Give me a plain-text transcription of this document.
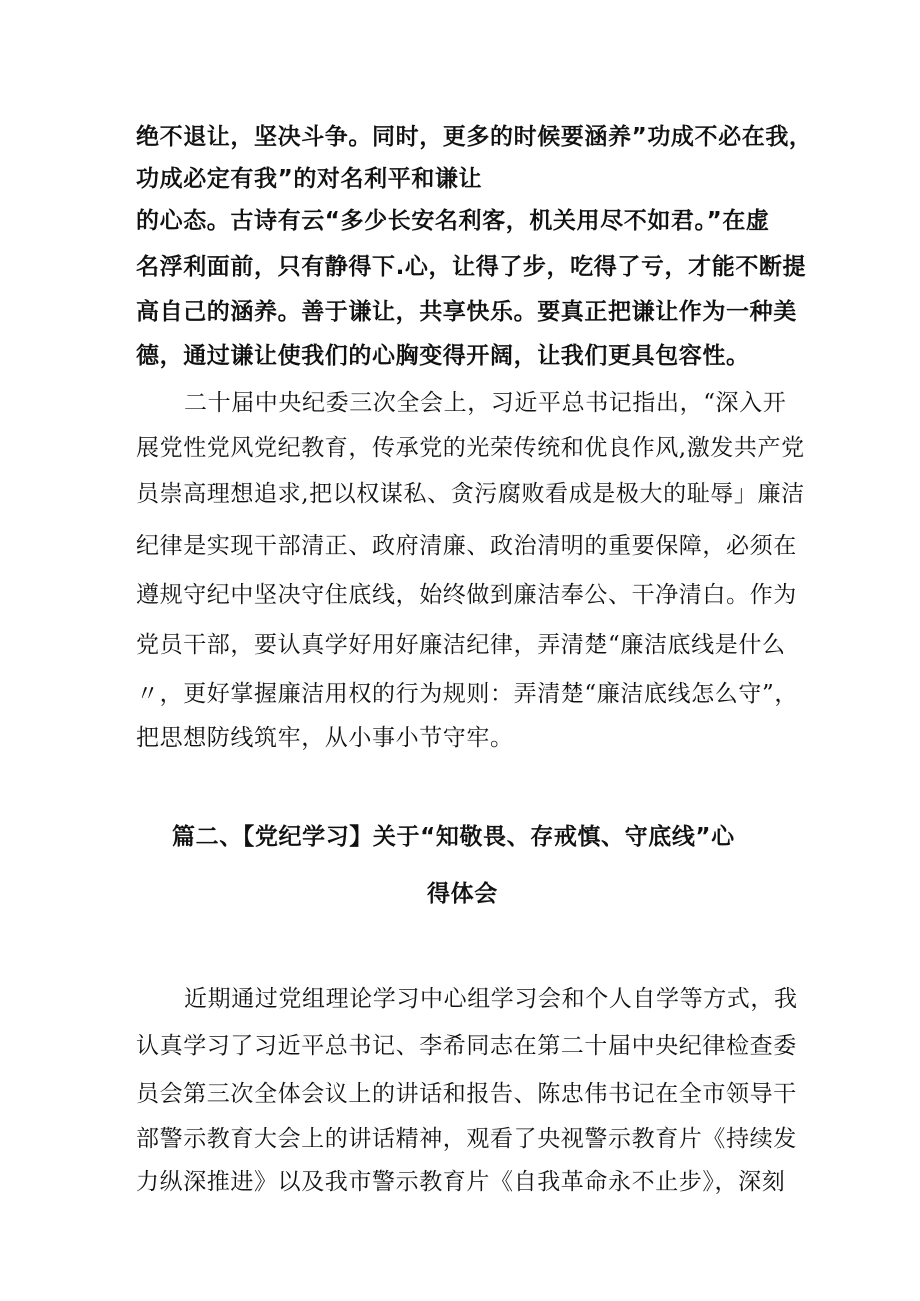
绝不退让，坚决斗争。同时，更多的时候要涵养”功成不必在我，
功成必定有我”的对名利平和谦让
的心态。古诗有云“多少长安名利客，机关用尽不如君。”在虚
名浮利面前，只有静得下.心，让得了步，吃得了亏，才能不断提
高自己的涵养。善于谦让，共享快乐。要真正把谦让作为一种美
德，通过谦让使我们的心胸变得开阔，让我们更具包容性。
二十届中央纪委三次全会上，习近平总书记指出，“深入开
展党性党风党纪教育，传承党的光荣传统和优良作风,激发共产党
员崇高理想追求,把以权谋私、贪污腐败看成是极大的耻辱」廉洁
纪律是实现干部清正、政府清廉、政治清明的重要保障，必须在
遵规守纪中坚决守住底线，始终做到廉洁奉公、干净清白。作为
党员干部，要认真学好用好廉洁纪律，弄清楚“廉洁底线是什么
〃，更好掌握廉洁用权的行为规则：弄清楚“廉洁底线怎么守”，
把思想防线筑牢，从小事小节守牢。
篇二、【党纪学习】关于“知敬畏、存戒慎、守底线”心
得体会
近期通过党组理论学习中心组学习会和个人自学等方式，我
认真学习了习近平总书记、李希同志在第二十届中央纪律检查委
员会第三次全体会议上的讲话和报告、陈忠伟书记在全市领导干
部警示教育大会上的讲话精神，观看了央视警示教育片《持续发
力纵深推进》以及我市警示教育片《自我革命永不止步》，深刻
